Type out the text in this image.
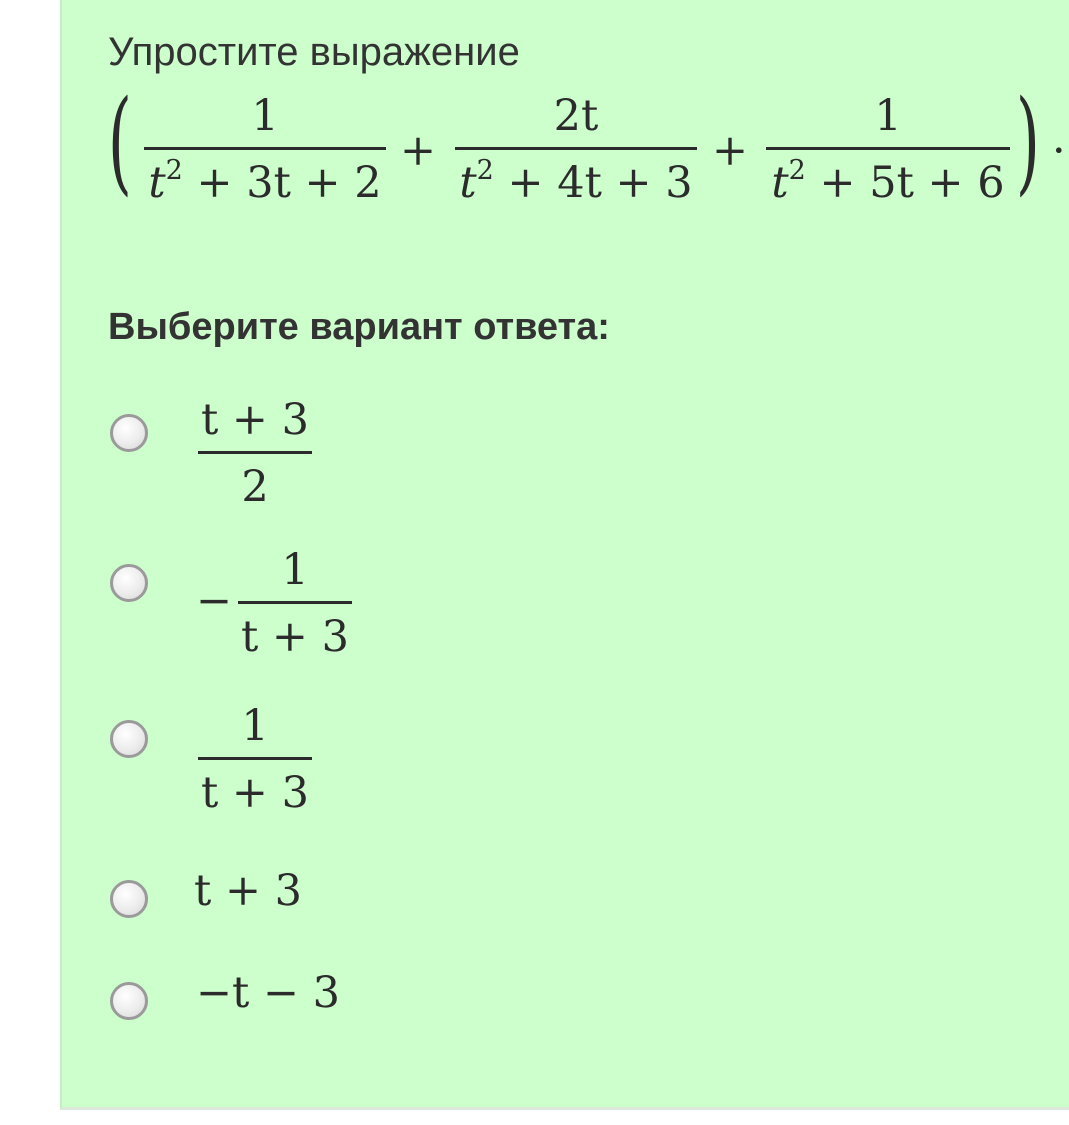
Упростите выражение
(	1
$t^2 + 3t + 2$
+
2t
$t^2 + 4t + 3$
+
1
$t^2 + 5t + 6$ ) ·
Выберите вариант ответа:
t + 3
2
−
1
t + 3
1
t + 3
t + 3
−t − 3
